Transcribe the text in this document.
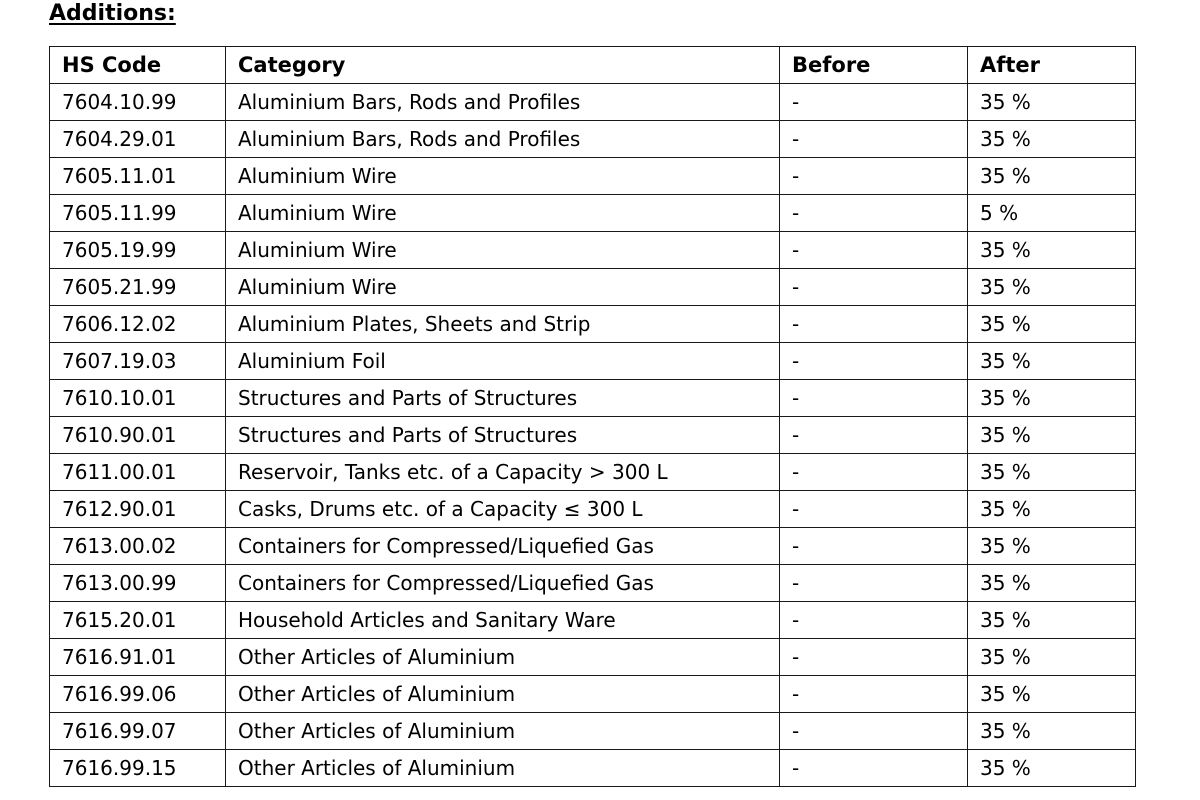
Additions:
HS Code	Category	Before	After
7604.10.99	Aluminium Bars, Rods and Profiles	-	35 %
7604.29.01	Aluminium Bars, Rods and Profiles	-	35 %
7605.11.01	Aluminium Wire	-	35 %
7605.11.99	Aluminium Wire	-	5 %
7605.19.99	Aluminium Wire	-	35 %
7605.21.99	Aluminium Wire	-	35 %
7606.12.02	Aluminium Plates, Sheets and Strip	-	35 %
7607.19.03	Aluminium Foil	-	35 %
7610.10.01	Structures and Parts of Structures	-	35 %
7610.90.01	Structures and Parts of Structures	-	35 %
7611.00.01	Reservoir, Tanks etc. of a Capacity > 300 L	-	35 %
7612.90.01	Casks, Drums etc. of a Capacity ≤ 300 L	-	35 %
7613.00.02	Containers for Compressed/Liquefied Gas	-	35 %
7613.00.99	Containers for Compressed/Liquefied Gas	-	35 %
7615.20.01	Household Articles and Sanitary Ware	-	35 %
7616.91.01	Other Articles of Aluminium	-	35 %
7616.99.06	Other Articles of Aluminium	-	35 %
7616.99.07	Other Articles of Aluminium	-	35 %
7616.99.15	Other Articles of Aluminium	-	35 %
